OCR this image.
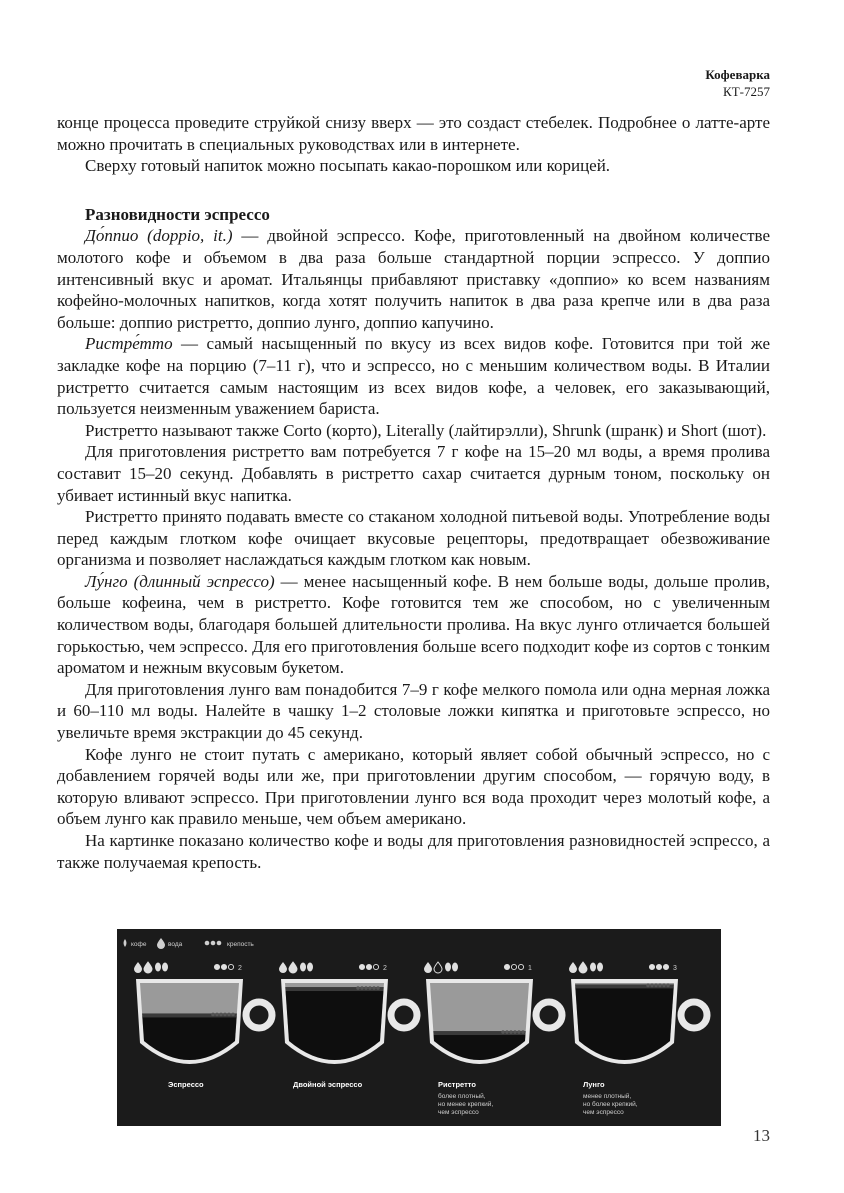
Кофеварка
КТ-7257

конце процесса проведите струйкой снизу вверх — это создаст стебелек. Подробнее о латте-арте можно прочитать в специальных руководствах или в интернете.

Сверху готовый напиток можно посыпать какао-порошком или корицей.

Разновидности эспрессо

До́ппио (doppio, it.) — двойной эспрессо. Кофе, приготовленный на двойном количестве молотого кофе и объемом в два раза больше стандартной порции эспрессо. У доппио интенсивный вкус и аромат. Итальянцы прибавляют приставку «доппио» ко всем названиям кофейно-молочных напитков, когда хотят получить напиток в два раза крепче или в два раза больше: доппио ристретто, доппио лунго, доппио капучино.

Ристре́тто — самый насыщенный по вкусу из всех видов кофе. Готовится при той же закладке кофе на порцию (7–11 г), что и эспрессо, но с меньшим количеством воды. В Италии ристретто считается самым настоящим из всех видов кофе, а человек, его заказывающий, пользуется неизменным уважением бариста.

Ристретто называют также Corto (корто), Literally (лайтирэлли), Shrunk (шранк) и Short (шот).

Для приготовления ристретто вам потребуется 7 г кофе на 15–20 мл воды, а время пролива составит 15–20 секунд. Добавлять в ристретто сахар считается дурным тоном, поскольку он убивает истинный вкус напитка.

Ристретто принято подавать вместе со стаканом холодной питьевой воды. Употребление воды перед каждым глотком кофе очищает вкусовые рецепторы, предотвращает обезвоживание организма и позволяет наслаждаться каждым глотком как новым.

Лу́нго (длинный эспрессо) — менее насыщенный кофе. В нем больше воды, дольше пролив, больше кофеина, чем в ристретто. Кофе готовится тем же способом, но с увеличенным количеством воды, благодаря большей длительности пролива. На вкус лунго отличается большей горькостью, чем эспрессо. Для его приготовления больше всего подходит кофе из сортов с тонким ароматом и нежным вкусовым букетом.

Для приготовления лунго вам понадобится 7–9 г кофе мелкого помола или одна мерная ложка и 60–110 мл воды. Налейте в чашку 1–2 столовые ложки кипятка и приготовьте эспрессо, но увеличьте время экстракции до 45 секунд.

Кофе лунго не стоит путать с американо, который являет собой обычный эспрессо, но с добавлением горячей воды или же, при приготовлении другим способом, — горячую воду, в которую вливают эспрессо. При приготовлении лунго вся вода проходит через молотый кофе, а объем лунго как правило меньше, чем объем американо.

На картинке показано количество кофе и воды для приготовления разновидностей эспрессо, а также получаемая крепость.

кофе	вода	крепость
2
Эспрессо
2
Двойной эспрессо
1
Ристретто
более плотный,
но менее крепкий,
чем эспрессо
3
Лунго
менее плотный,
но более крепкий,
чем эспрессо
13
